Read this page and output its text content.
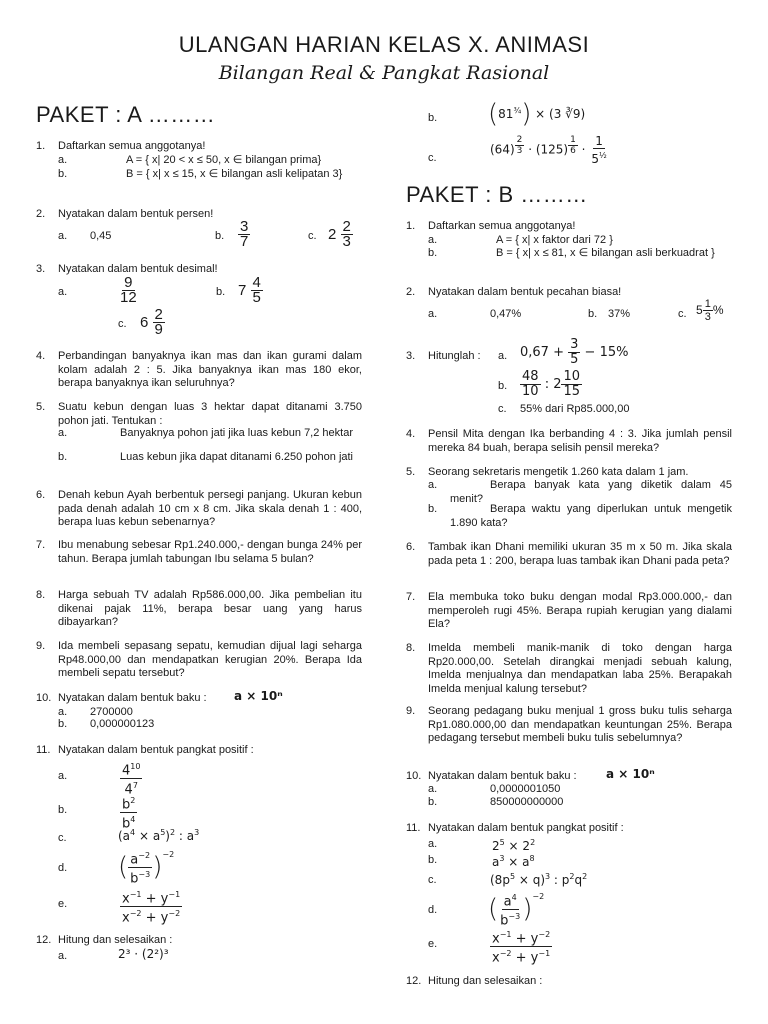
ULANGAN HARIAN KELAS X. ANIMASI
Bilangan Real & Pangkat Rasional
PAKET : A ………
1. Daftarkan semua anggotanya!
a.	A = { x| 20 < x ≤ 50, x ∈ bilangan prima}
b.	B = { x| x ≤ 15, x ∈ bilangan asli kelipatan 3}
2. Nyatakan dalam bentuk persen!
a. 0,45	b. $\frac{3}{7}$	c. $2 \frac{2}{3}$
3. Nyatakan dalam bentuk desimal!
a.	$\frac{9}{12}$	b. $7 \frac{4}{5}$
c. $6 \frac{2}{9}$
4. Perbandingan banyaknya ikan mas dan ikan gurami dalam kolam adalah 2 : 5. Jika banyaknya ikan mas 180 ekor, berapa banyaknya ikan seluruhnya?
5. Suatu kebun dengan luas 3 hektar dapat ditanami 3.750 pohon jati. Tentukan :
a.	Banyaknya pohon jati jika luas kebun 7,2 hektar
b.	Luas kebun jika dapat ditanami 6.250 pohon jati
6. Denah kebun Ayah berbentuk persegi panjang. Ukuran kebun pada denah adalah 10 cm x 8 cm. Jika skala denah 1 : 400, berapa luas kebun sebenarnya?
7. Ibu menabung sebesar Rp1.240.000,- dengan bunga 24% per tahun. Berapa jumlah tabungan Ibu selama 5 bulan?
8. Harga sebuah TV adalah Rp586.000,00. Jika pembelian itu dikenai pajak 11%, berapa besar uang yang harus dibayarkan?
9. Ida membeli sepasang sepatu, kemudian dijual lagi seharga Rp48.000,00 dan mendapatkan kerugian 20%. Berapa Ida membeli sepatu tersebut?
10. Nyatakan dalam bentuk baku : a × 10ⁿ
a. 2700000
b. 0,000000123
11. Nyatakan dalam bentuk pangkat positif :
a.	$\frac{4^{10}}{4^7}$
b.	$\frac{b^2}{b^4}$
c.	$(a^4 \times a^5)^2$ : $a^3$
d. ( $\frac{a^{-2}}{b^{-3}} )^{-2}$
e.	$\frac{x^{-1} + y^{-1}}{x^{-2} + y^{-2}}$
12. Hitung dan selesaikan :
a.	2³ · (2²)³
b. $(81^{\frac{3}{4}}) \times (3$ ∛9)
c.
$(64) \frac{2}{3} \cdot (125) \frac{1}{6} \cdot \frac{1}{5^{\frac{1}{2}}}$
PAKET : B ………
1. Daftarkan semua anggotanya!
a.	A = { x| x faktor dari 72 }
b.	B = { x| x ≤ 81, x ∈ bilangan asli berkuadrat }
2. Nyatakan dalam bentuk pecahan biasa!
a.	0,47%	b. 37%	c. $5 \frac{1}{3}$ %
3. Hitunglah : a. $0,67 + \frac{3}{5} - 15\%$
b. $\frac{48}{10}$ : $2 \frac{10}{15}$
c. 55% dari Rp85.000,00
4. Pensil Mita dengan Ika berbanding 4 : 3. Jika jumlah pensil mereka 84 buah, berapa selisih pensil mereka?
5. Seorang sekretaris mengetik 1.260 kata dalam 1 jam.
a.	Berapa banyak kata yang diketik dalam 45 menit?
b.	Berapa waktu yang diperlukan untuk mengetik 1.890 kata?
6. Tambak ikan Dhani memiliki ukuran 35 m x 50 m. Jika skala pada peta 1 : 200, berapa luas tambak ikan Dhani pada peta?
7. Ela membuka toko buku dengan modal Rp3.000.000,- dan memperoleh rugi 45%. Berapa rupiah kerugian yang dialami Ela?
8. Imelda membeli manik-manik di toko dengan harga Rp20.000,00. Setelah dirangkai menjadi sebuah kalung, Imelda menjualnya dan mendapatkan laba 25%. Berapakah Imelda menjual kalung tersebut?
9. Seorang pedagang buku menjual 1 gross buku tulis seharga Rp1.080.000,00 dan mendapatkan keuntungan 25%. Berapa pedagang tersebut membeli buku tulis sebelumnya?
10. Nyatakan dalam bentuk baku : a × 10ⁿ
a.	0,0000001050
b.	850000000000
11. Nyatakan dalam bentuk pangkat positif :
a.	$2^5 \times 2^2$
b.	$a^3 \times a^8$
c.	$(8p^5 \times q)^3$ : $p^2q^2$
d. ( $\frac{a^4}{b^{-3}} )^{-2}$
e.	$\frac{x^{-1} + y^{-2}}{x^{-2} + y^{-1}}$
12. Hitung dan selesaikan :
